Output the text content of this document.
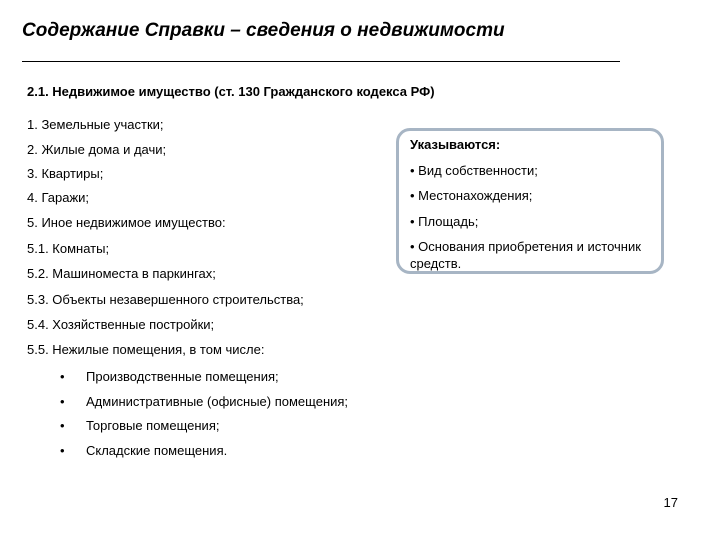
Содержание Справки – сведения о недвижимости
2.1. Недвижимое имущество (ст. 130 Гражданского кодекса РФ)
1. Земельные участки;
2. Жилые дома и дачи;
3. Квартиры;
4. Гаражи;
5. Иное недвижимое имущество:
5.1. Комнаты;
5.2. Машиноместа в паркингах;
5.3. Объекты незавершенного строительства;
5.4. Хозяйственные постройки;
5.5. Нежилые помещения, в том числе:
• Производственные помещения;
• Административные (офисные) помещения;
• Торговые помещения;
• Складские помещения.
Указываются:
• Вид собственности;
• Местонахождения;
• Площадь;
• Основания приобретения и источник средств.
17
